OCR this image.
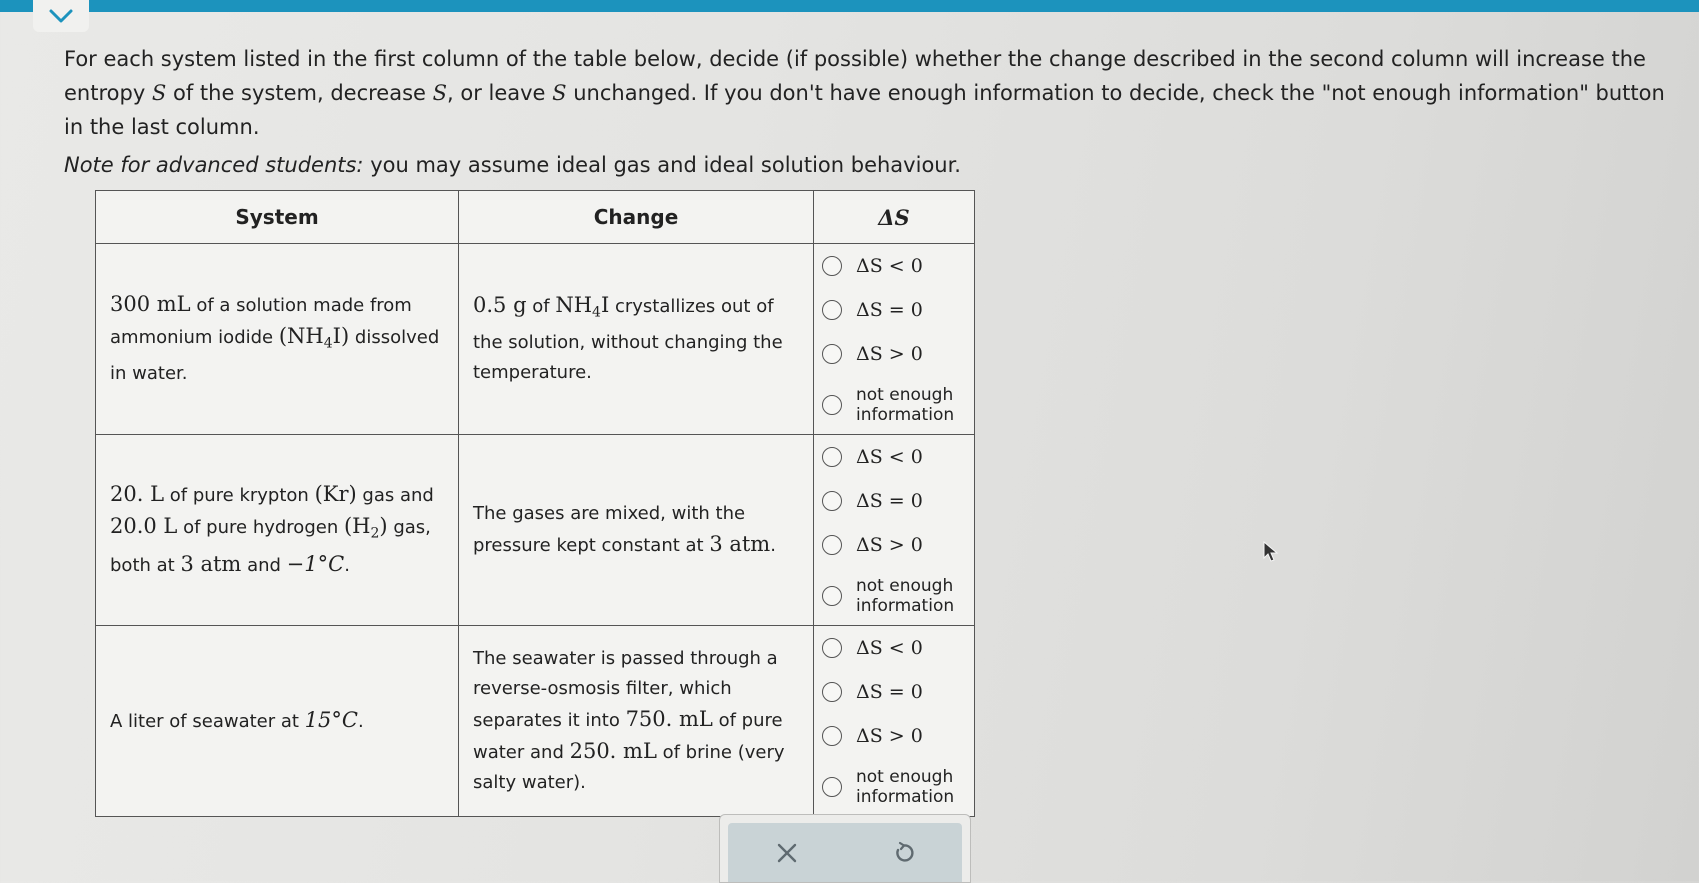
For each system listed in the first column of the table below, decide (if possible) whether the change described in the second column will increase the entropy S of the system, decrease S, or leave S unchanged. If you don't have enough information to decide, check the "not enough information" button in the last column.

Note for advanced students: you may assume ideal gas and ideal solution behaviour.

System	Change	ΔS
300 mL of a solution made from ammonium iodide $(NH_4I)$ dissolved in water.	0.5 g of $NH_4I$ crystallizes out of the solution, without changing the temperature.	ΔS < 0
ΔS = 0
ΔS > 0
not enough information

20. L of pure krypton (Kr) gas and 20.0 L of pure hydrogen $(H_2)$ gas, both at 3 atm and −1°C.	The gases are mixed, with the pressure kept constant at 3 atm.	ΔS < 0
ΔS = 0
ΔS > 0
not enough information

A liter of seawater at 15°C.	The seawater is passed through a reverse-osmosis filter, which separates it into 750. mL of pure water and 250. mL of brine (very salty water).	ΔS < 0
ΔS = 0
ΔS > 0
not enough information
